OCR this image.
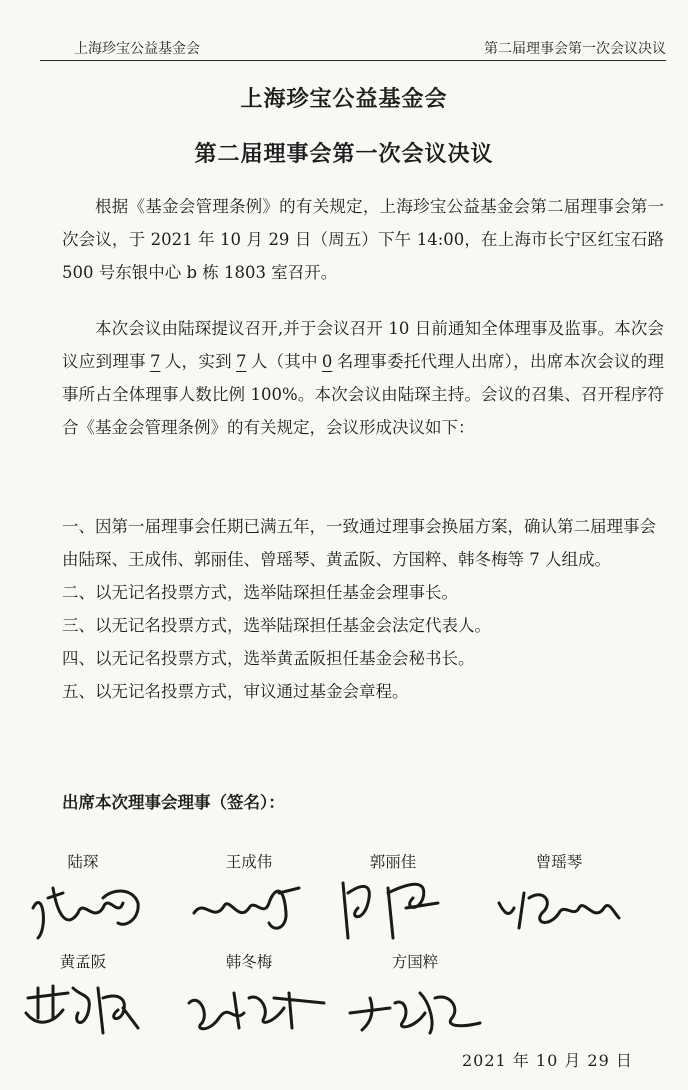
上海珍宝公益基金会	第二届理事会第一次会议决议
上海珍宝公益基金会
第二届理事会第一次会议决议
根据《基金会管理条例》的有关规定，上海珍宝公益基金会第二届理事会第一次会议，于 2021 年 10 月 29 日（周五）下午 14:00，在上海市长宁区红宝石路 500 号东银中心 b 栋 1803 室召开。
本次会议由陆琛提议召开,并于会议召开 10 日前通知全体理事及监事。本次会议应到理事 7 人，实到 7 人（其中 0 名理事委托代理人出席），出席本次会议的理事所占全体理事人数比例 100%。本次会议由陆琛主持。会议的召集、召开程序符合《基金会管理条例》的有关规定，会议形成决议如下：
一、因第一届理事会任期已满五年，一致通过理事会换届方案，确认第二届理事会由陆琛、王成伟、郭丽佳、曾瑶琴、黄孟阪、方国粹、韩冬梅等 7 人组成。
二、以无记名投票方式，选举陆琛担任基金会理事长。
三、以无记名投票方式，选举陆琛担任基金会法定代表人。
四、以无记名投票方式，选举黄孟阪担任基金会秘书长。
五、以无记名投票方式，审议通过基金会章程。
出席本次理事会理事（签名）：
陆琛	王成伟	郭丽佳	曾瑶琴
黄孟阪	韩冬梅	方国粹
2021 年 10 月 29 日
